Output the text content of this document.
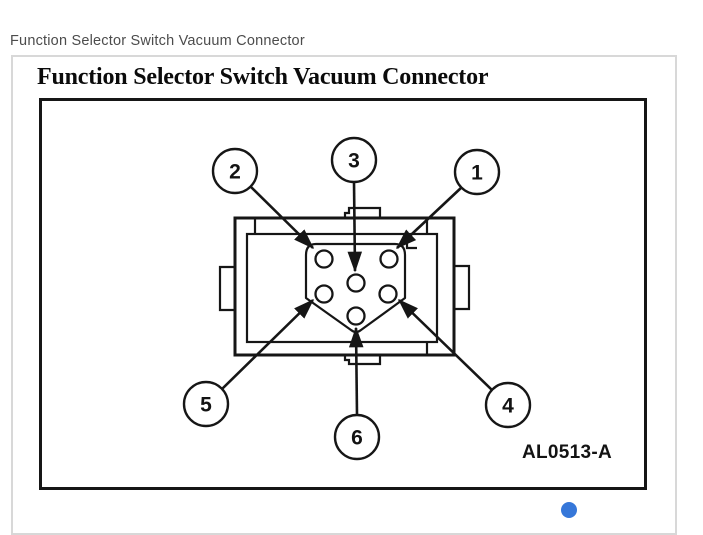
Function Selector Switch Vacuum Connector
Function Selector Switch Vacuum Connector
1
2	3
4
5
6
AL0513-A
